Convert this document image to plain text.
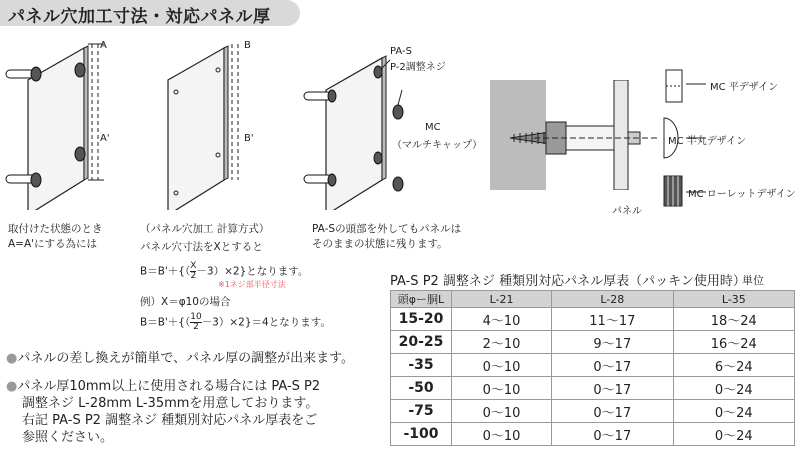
パネル穴加工寸法・対応パネル厚
A
A'
B
B'
PA-S
P-2調整ネジ
MC
（マルチキャップ）
パネル
MC 平デザイン
MC 半丸デザイン
MC ローレットデザイン
取付けた状態のとき
A=A'にする為には
（パネル穴加工 計算方式）
パネル穴寸法をXとすると
$B=B'+\{( \frac{X}{2} -3)\times 2\}$となります。
※1ネジ部半径寸法
例）X＝φ10の場合
$B=B'+\{( \frac{10}{2} -3)\times 2\}=4$となります。
PA-Sの頭部を外してもパネルは
そのままの状態に残ります。
●パネルの差し換えが簡単で、パネル厚の調整が出来ます。
●パネル厚10mm以上に使用される場合には PA-S P2
調整ネジ L-28mm L-35mmを用意しております。
右記 PA-S P2 調整ネジ 種類別対応パネル厚表をご
参照ください。
PA-S P2 調整ネジ 種類別対応パネル厚表（パッキン使用時）
単位
頭φー胴L	L-21	L-28	L-35
15-20	4～10	11～17	18～24
20-25	2～10	9～17	16～24
-35	0～10	0～17	6～24
-50	0～10	0～17	0～24
-75	0～10	0～17	0～24
-100	0～10	0～17	0～24
